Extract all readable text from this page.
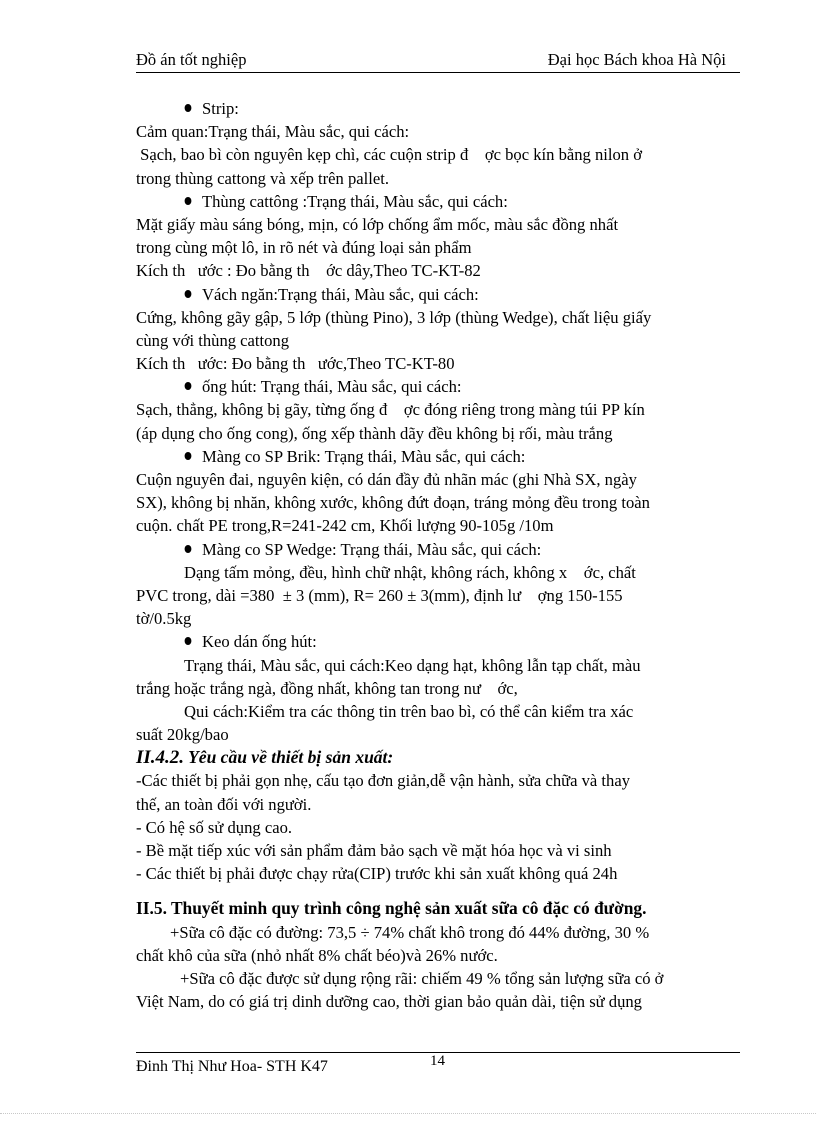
Đồ án tốt nghiệp	Đại học Bách khoa Hà Nội
Strip:
Cảm quan:Trạng thái, Màu sắc, qui cách:
Sạch, bao bì còn nguyên kẹp chì, các cuộn strip đ    ợc bọc kín bằng nilon ở
trong thùng cattong và xếp trên pallet.
Thùng cattông :Trạng thái, Màu sắc, qui cách:
Mặt giấy màu sáng bóng, mịn, có lớp chống ẩm mốc, màu sắc đồng nhất
trong cùng một lô, in rõ nét và đúng loại sản phẩm
Kích th   ước : Đo bằng th    ớc dây,Theo TC-KT-82
Vách ngăn:Trạng thái, Màu sắc, qui cách:
Cứng, không gãy gập, 5 lớp (thùng Pino), 3 lớp (thùng Wedge), chất liệu giấy
cùng với thùng cattong
Kích th   ước: Đo bằng th   ước,Theo TC-KT-80
ống hút: Trạng thái, Màu sắc, qui cách:
Sạch, thẳng, không bị gãy, từng ống đ    ợc đóng riêng trong màng túi PP kín
(áp dụng cho ống cong), ống xếp thành dãy đều không bị rối, màu trắng
Màng co SP Brik: Trạng thái, Màu sắc, qui cách:
Cuộn nguyên đai, nguyên kiện, có dán đầy đủ nhãn mác (ghi Nhà SX, ngày
SX), không bị nhăn, không xước, không đứt đoạn, tráng mỏng đều trong toàn
cuộn. chất PE trong,R=241-242 cm, Khối lượng 90-105g /10m
Màng co SP Wedge: Trạng thái, Màu sắc, qui cách:
Dạng tấm mỏng, đều, hình chữ nhật, không rách, không x    ớc, chất
PVC trong, dài =380  ± 3 (mm), R= 260 ± 3(mm), định lư    ợng 150-155
tờ/0.5kg
Keo dán ống hút:
Trạng thái, Màu sắc, qui cách:Keo dạng hạt, không lẫn tạp chất, màu
trắng hoặc trắng ngà, đồng nhất, không tan trong nư    ớc,
Qui cách:Kiểm tra các thông tin trên bao bì, có thể cân kiểm tra xác
suất 20kg/bao
II.4.2. Yêu cầu về thiết bị sản xuất:
-Các thiết bị phải gọn nhẹ, cấu tạo đơn giản,dễ vận hành, sửa chữa và thay
thế, an toàn đối với người.
- Có hệ số sử dụng cao.
- Bề mặt tiếp xúc với sản phẩm đảm bảo sạch về mặt hóa học và vi sinh
- Các thiết bị phải được chạy rửa(CIP) trước khi sản xuất không quá 24h
II.5. Thuyết minh quy trình công nghệ sản xuất sữa cô đặc có đường.
+Sữa cô đặc có đường: 73,5 ÷ 74% chất khô trong đó 44% đường, 30 %
chất khô của sữa (nhỏ nhất 8% chất béo)và 26% nước.
+Sữa cô đặc được sử dụng rộng rãi: chiếm 49 % tổng sản lượng sữa có ở
Việt Nam, do có giá trị dinh dưỡng cao, thời gian bảo quản dài, tiện sử dụng
Đinh Thị Như Hoa- STH K47	14
